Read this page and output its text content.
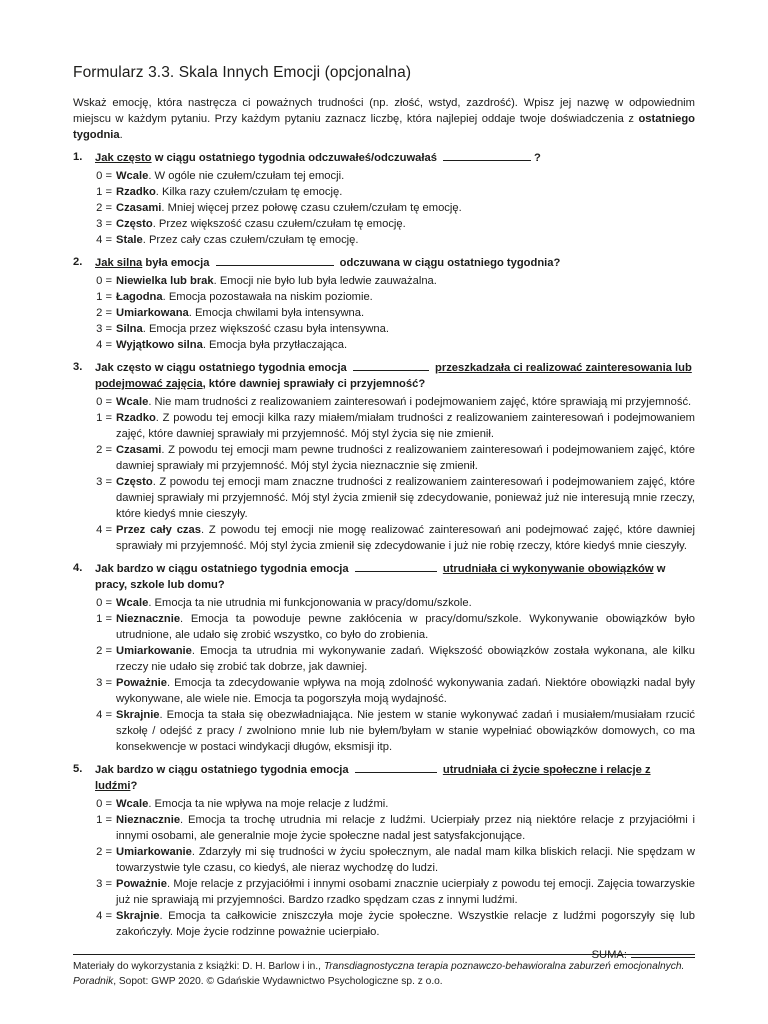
Formularz 3.3. Skala Innych Emocji (opcjonalna)

Wskaż emocję, która nastręcza ci poważnych trudności (np. złość, wstyd, zazdrość). Wpisz jej nazwę w odpowiednim miejscu w każdym pytaniu. Przy każdym pytaniu zaznacz liczbę, która najlepiej oddaje twoje doświadczenia z ostatniego tygodnia.

1.	Jak często w ciągu ostatniego tygodnia odczuwałeś/odczuwałaś	?
0 = Wcale. W ogóle nie czułem/czułam tej emocji.
1 = Rzadko. Kilka razy czułem/czułam tę emocję.
2 = Czasami. Mniej więcej przez połowę czasu czułem/czułam tę emocję.
3 = Często. Przez większość czasu czułem/czułam tę emocję.
4 = Stale. Przez cały czas czułem/czułam tę emocję.
2.	Jak silna była emocja	odczuwana w ciągu ostatniego tygodnia?
0 = Niewielka lub brak. Emocji nie było lub była ledwie zauważalna.
1 = Łagodna. Emocja pozostawała na niskim poziomie.
2 = Umiarkowana. Emocja chwilami była intensywna.
3 = Silna. Emocja przez większość czasu była intensywna.
4 = Wyjątkowo silna. Emocja była przytłaczająca.
3.	Jak często w ciągu ostatniego tygodnia emocja	przeszkadzała ci realizować zainteresowania lub podejmować zajęcia, które dawniej sprawiały ci przyjemność?
0 = Wcale. Nie mam trudności z realizowaniem zainteresowań i podejmowaniem zajęć, które sprawiają mi przyjemność.
1 = Rzadko. Z powodu tej emocji kilka razy miałem/miałam trudności z realizowaniem zainteresowań i podejmowaniem zajęć, które dawniej sprawiały mi przyjemność. Mój styl życia się nie zmienił.
2 = Czasami. Z powodu tej emocji mam pewne trudności z realizowaniem zainteresowań i podejmowaniem zajęć, które dawniej sprawiały mi przyjemność. Mój styl życia nieznacznie się zmienił.
3 = Często. Z powodu tej emocji mam znaczne trudności z realizowaniem zainteresowań i podejmowaniem zajęć, które dawniej sprawiały mi przyjemność. Mój styl życia zmienił się zdecydowanie, ponieważ już nie interesują mnie rzeczy, które kiedyś mnie cieszyły.
4 = Przez cały czas. Z powodu tej emocji nie mogę realizować zainteresowań ani podejmować zajęć, które dawniej sprawiały mi przyjemność. Mój styl życia zmienił się zdecydowanie i już nie robię rzeczy, które kiedyś mnie cieszyły.
4.	Jak bardzo w ciągu ostatniego tygodnia emocja	utrudniała ci wykonywanie obowiązków w pracy, szkole lub domu?
0 = Wcale. Emocja ta nie utrudnia mi funkcjonowania w pracy/domu/szkole.
1 = Nieznacznie. Emocja ta powoduje pewne zakłócenia w pracy/domu/szkole. Wykonywanie obowiązków było utrudnione, ale udało się zrobić wszystko, co było do zrobienia.
2 = Umiarkowanie. Emocja ta utrudnia mi wykonywanie zadań. Większość obowiązków została wykonana, ale kilku rzeczy nie udało się zrobić tak dobrze, jak dawniej.
3 = Poważnie. Emocja ta zdecydowanie wpływa na moją zdolność wykonywania zadań. Niektóre obowiązki nadal były wykonywane, ale wiele nie. Emocja ta pogorszyła moją wydajność.
4 = Skrajnie. Emocja ta stała się obezwładniająca. Nie jestem w stanie wykonywać zadań i musiałem/musiałam rzucić szkołę / odejść z pracy / zwolniono mnie lub nie byłem/byłam w stanie wypełniać obowiązków domowych, co ma konsekwencje w postaci windykacji długów, eksmisji itp.
5.	Jak bardzo w ciągu ostatniego tygodnia emocja	utrudniała ci życie społeczne i relacje z ludźmi?
0 = Wcale. Emocja ta nie wpływa na moje relacje z ludźmi.
1 = Nieznacznie. Emocja ta trochę utrudnia mi relacje z ludźmi. Ucierpiały przez nią niektóre relacje z przyjaciółmi i innymi osobami, ale generalnie moje życie społeczne nadal jest satysfakcjonujące.
2 = Umiarkowanie. Zdarzyły mi się trudności w życiu społecznym, ale nadal mam kilka bliskich relacji. Nie spędzam w towarzystwie tyle czasu, co kiedyś, ale nieraz wychodzę do ludzi.
3 = Poważnie. Moje relacje z przyjaciółmi i innymi osobami znacznie ucierpiały z powodu tej emocji. Zajęcia towarzyskie już nie sprawiają mi przyjemności. Bardzo rzadko spędzam czas z innymi ludźmi.
4 = Skrajnie. Emocja ta całkowicie zniszczyła moje życie społeczne. Wszystkie relacje z ludźmi pogorszyły się lub zakończyły. Moje życie rodzinne poważnie ucierpiało.
SUMA:
Materiały do wykorzystania z książki: D. H. Barlow i in., Transdiagnostyczna terapia poznawczo-behawioralna zaburzeń emocjonalnych. Poradnik, Sopot: GWP 2020. © Gdańskie Wydawnictwo Psychologiczne sp. z o.o.
